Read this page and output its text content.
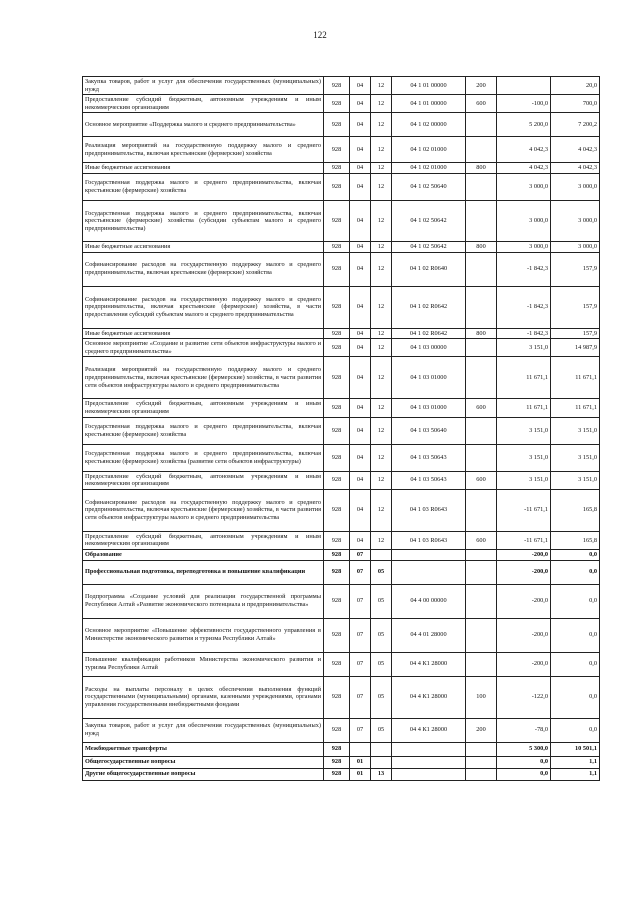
122
Закупка товаров, работ и услуг для обеспечения государственных (муниципальных) нужд	928	04	12	04 1 01 00000	200		20,0
Предоставление субсидий бюджетным, автономным учреждениям и иным некоммерческим организациям	928	04	12	04 1 01 00000	600	-100,0	700,0
Основное мероприятие «Поддержка малого и среднего предпринимательства»	928	04	12	04 1 02 00000		5 200,0	7 200,2
Реализация мероприятий на государственную поддержку малого и среднего предпринимательства, включая крестьянские (фермерские) хозяйства	928	04	12	04 1 02 01000		4 042,3	4 042,3
Иные бюджетные ассигнования	928	04	12	04 1 02 01000	800	4 042,3	4 042,3
Государственная поддержка малого и среднего предпринимательства, включая крестьянские (фермерские) хозяйства	928	04	12	04 1 02 50640		3 000,0	3 000,0
Государственная поддержка малого и среднего предпринимательства, включая крестьянские (фермерские) хозяйства (субсидии субъектам малого и среднего предпринимательства)	928	04	12	04 1 02 50642		3 000,0	3 000,0
Иные бюджетные ассигнования	928	04	12	04 1 02 50642	800	3 000,0	3 000,0
Софинансирование расходов на государственную поддержку малого и среднего предпринимательства, включая крестьянские (фермерские) хозяйства	928	04	12	04 1 02 R0640		-1 842,3	157,9
Софинансирование расходов на государственную поддержку малого и среднего предпринимательства, включая крестьянские (фермерские) хозяйства, в части предоставления субсидий субъектам малого и среднего предпринимательства	928	04	12	04 1 02 R0642		-1 842,3	157,9
Иные бюджетные ассигнования	928	04	12	04 1 02 R0642	800	-1 842,3	157,9
Основное мероприятие «Создание и развитие сети объектов инфраструктуры малого и среднего предпринимательства»	928	04	12	04 1 03 00000		3 151,0	14 987,9
Реализация мероприятий на государственную поддержку малого и среднего предпринимательства, включая крестьянские (фермерские) хозяйства, в части развития сети объектов инфраструктуры малого и среднего предпринимательства	928	04	12	04 1 03 01000		11 671,1	11 671,1
Предоставление субсидий бюджетным, автономным учреждениям и иным некоммерческим организациям	928	04	12	04 1 03 01000	600	11 671,1	11 671,1
Государственная поддержка малого и среднего предпринимательства, включая крестьянские (фермерские) хозяйства	928	04	12	04 1 03 50640		3 151,0	3 151,0
Государственная поддержка малого и среднего предпринимательства, включая крестьянские (фермерские) хозяйства (развитие сети объектов инфраструктуры)	928	04	12	04 1 03 50643		3 151,0	3 151,0
Предоставление субсидий бюджетным, автономным учреждениям и иным некоммерческим организациям	928	04	12	04 1 03 50643	600	3 151,0	3 151,0
Софинансирование расходов на государственную поддержку малого и среднего предпринимательства, включая крестьянские (фермерские) хозяйства, в части развития сети объектов инфраструктуры малого и среднего предпринимательства	928	04	12	04 1 03 R0643		-11 671,1	165,8
Предоставление субсидий бюджетным, автономным учреждениям и иным некоммерческим организациям	928	04	12	04 1 03 R0643	600	-11 671,1	165,8
Образование	928	07				-200,0	0,0
Профессиональная подготовка, переподготовка и повышение квалификации	928	07	05			-200,0	0,0
Подпрограмма «Создание условий для реализации государственной программы Республики Алтай «Развитие экономического потенциала и предпринимательства»	928	07	05	04 4 00 00000		-200,0	0,0
Основное мероприятие «Повышение эффективности государственного управления в Министерстве экономического развития и туризма Республики Алтай»	928	07	05	04 4 01 28000		-200,0	0,0
Повышение квалификации работников Министерства экономического развития и туризма Республики Алтай	928	07	05	04 4 К1 28000		-200,0	0,0
Расходы на выплаты персоналу в целях обеспечения выполнения функций государственными (муниципальными) органами, казенными учреждениями, органами управления государственными внебюджетными фондами	928	07	05	04 4 К1 28000	100	-122,0	0,0
Закупка товаров, работ и услуг для обеспечения государственных (муниципальных) нужд	928	07	05	04 4 К1 28000	200	-78,0	0,0
Межбюджетные трансферты	928					5 300,0	10 501,1
Общегосударственные вопросы	928	01				0,0	1,1
Другие общегосударственные вопросы	928	01	13			0,0	1,1
